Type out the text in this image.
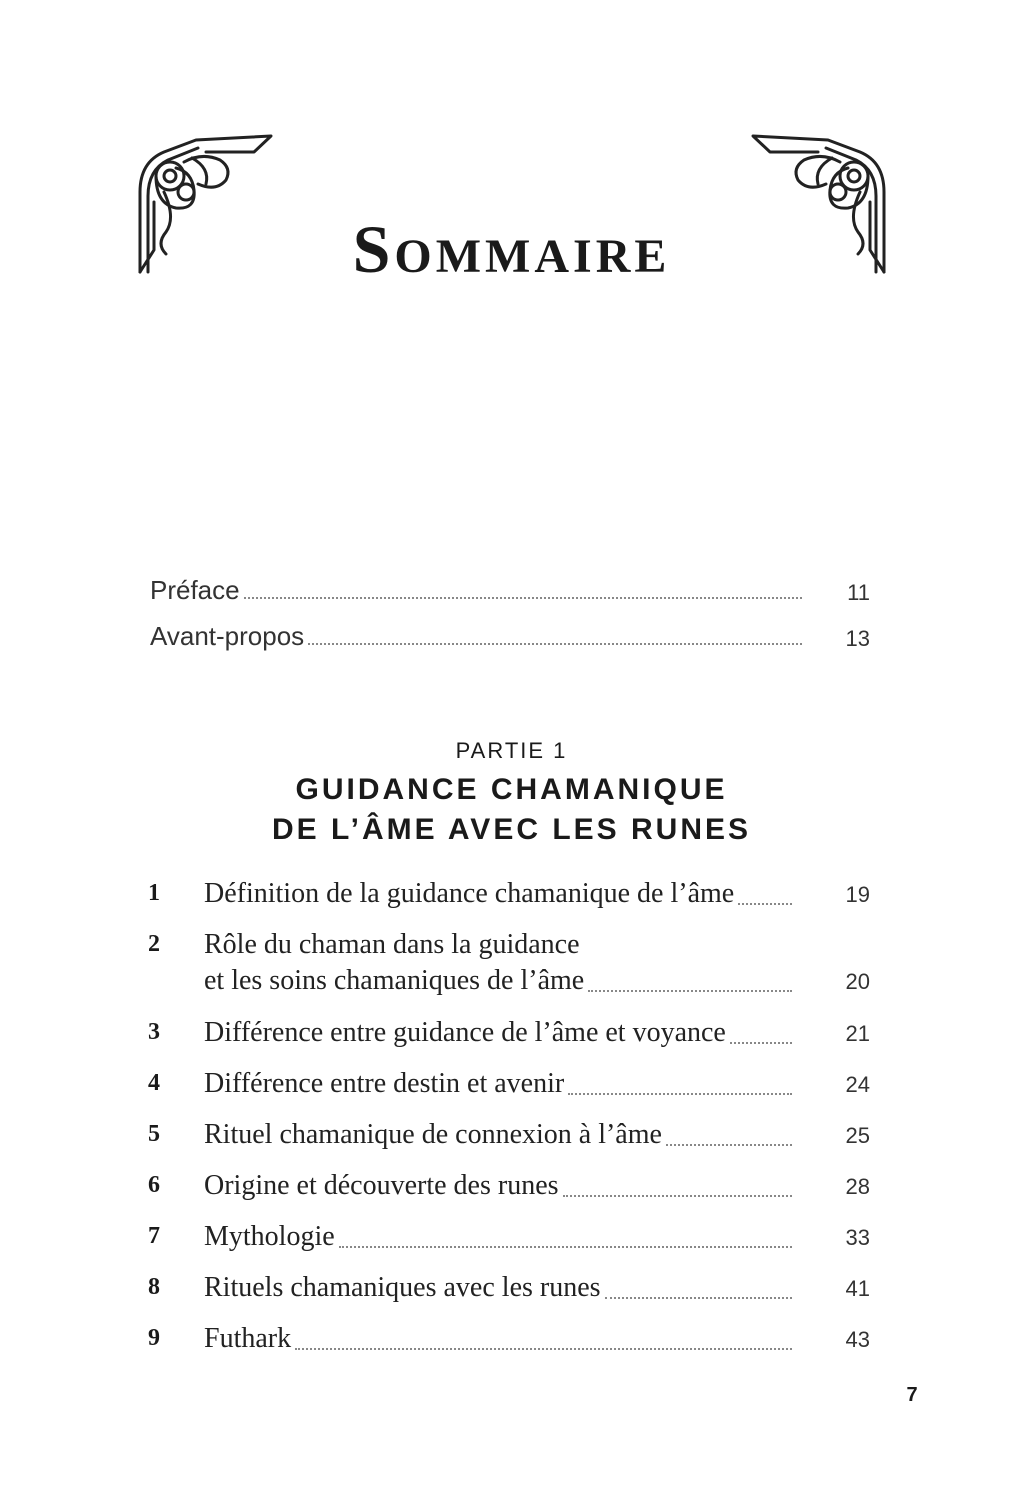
Sommaire
Préface	11
Avant-propos	13

PARTIE 1

GUIDANCE CHAMANIQUE
DE L’ÂME AVEC LES RUNES
1	Définition de la guidance chamanique de l’âme	19
2	Rôle du chaman dans la guidance
et les soins chamaniques de l’âme	20
3	Différence entre guidance de l’âme et voyance	21
4	Différence entre destin et avenir	24
5	Rituel chamanique de connexion à l’âme	25
6	Origine et découverte des runes	28
7	Mythologie	33
8	Rituels chamaniques avec les runes	41
9	Futhark	43
7
